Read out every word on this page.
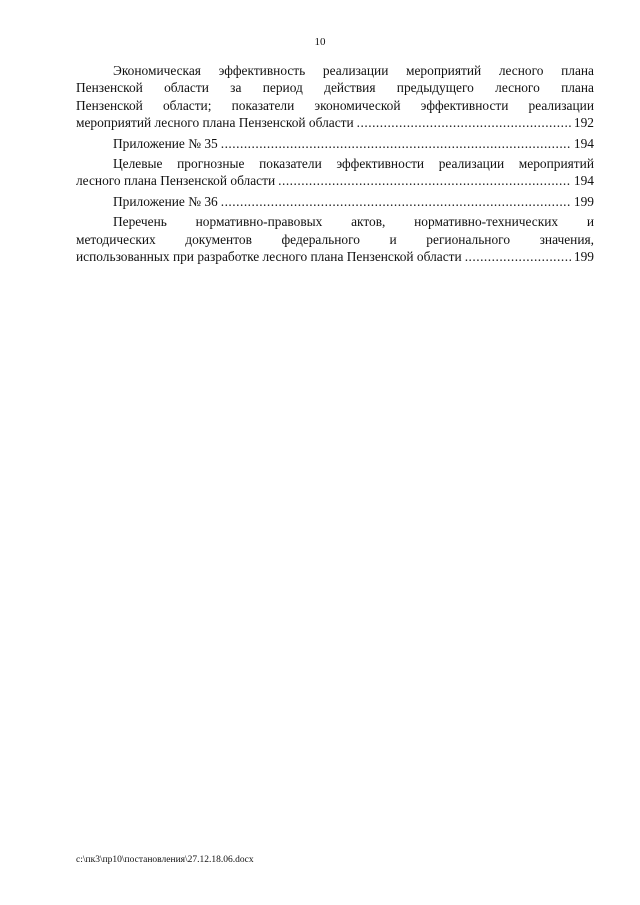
10
Экономическая эффективность реализации мероприятий лесного плана
Пензенской области за период действия предыдущего лесного плана
Пензенской области; показатели экономической эффективности реализации
мероприятий лесного плана Пензенской области .....	192
Приложение № 35 .....	194
Целевые прогнозные показатели эффективности реализации мероприятий
лесного плана Пензенской области .....	194
Приложение № 36 .....	199
Перечень нормативно-правовых актов, нормативно-технических и
методических документов федерального и регионального значения,
использованных при разработке лесного плана Пензенской области .....	199
c:\пк3\пр10\постановления\27.12.18.06.docx
